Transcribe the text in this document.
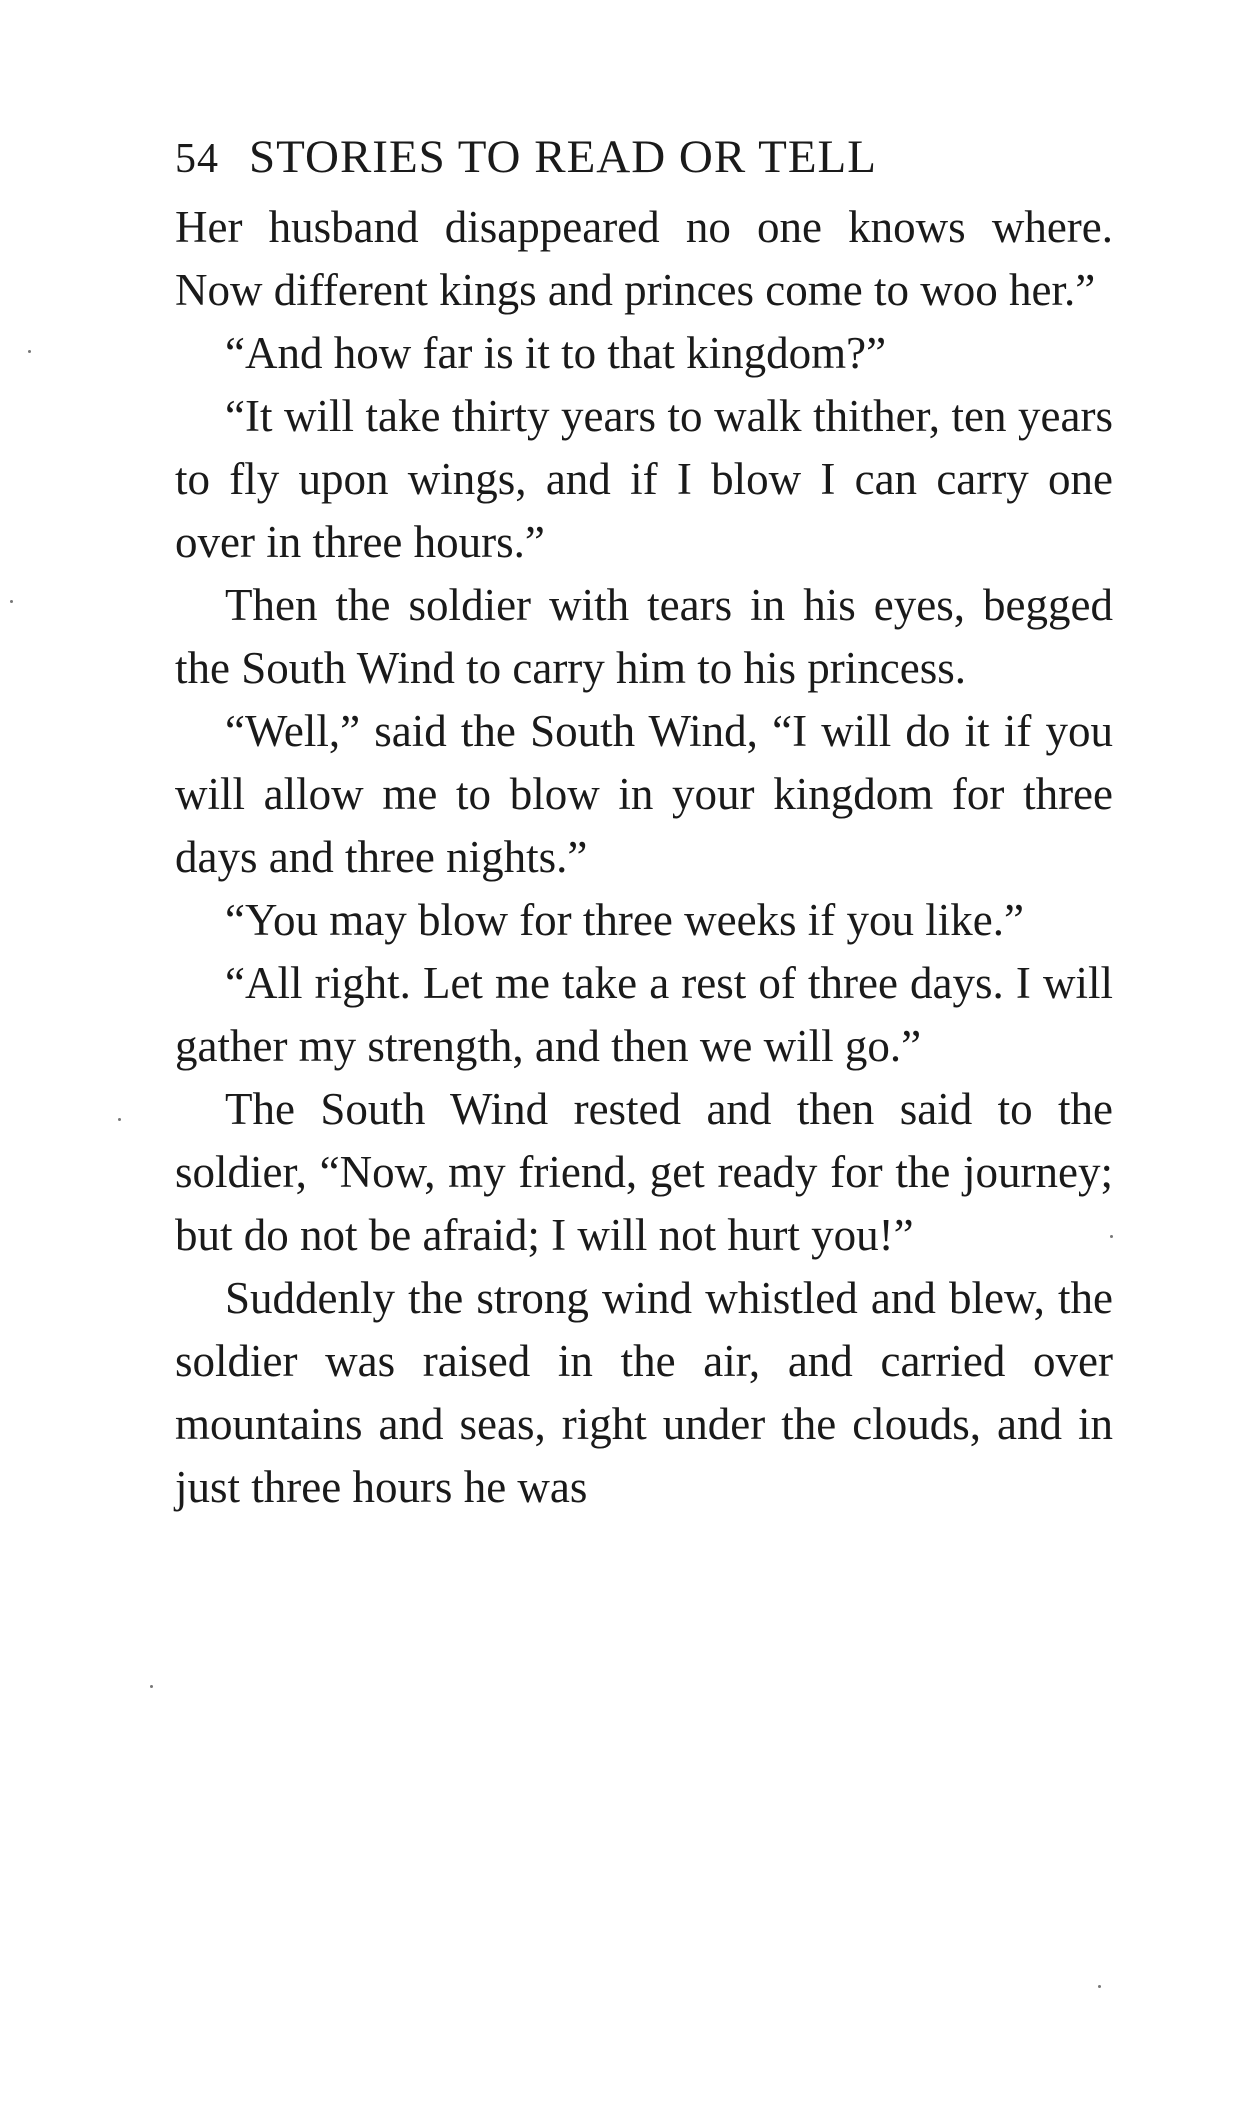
54 STORIES TO READ OR TELL

Her husband disappeared no one knows where. Now different kings and princes come to woo her.”

“And how far is it to that kingdom?”

“It will take thirty years to walk thither, ten years to fly upon wings, and if I blow I can carry one over in three hours.”

Then the soldier with tears in his eyes, begged the South Wind to carry him to his princess.

“Well,” said the South Wind, “I will do it if you will allow me to blow in your kingdom for three days and three nights.”

“You may blow for three weeks if you like.”

“All right. Let me take a rest of three days. I will gather my strength, and then we will go.”

The South Wind rested and then said to the soldier, “Now, my friend, get ready for the journey; but do not be afraid; I will not hurt you!”

Suddenly the strong wind whistled and blew, the soldier was raised in the air, and carried over mountains and seas, right under the clouds, and in just three hours he was
